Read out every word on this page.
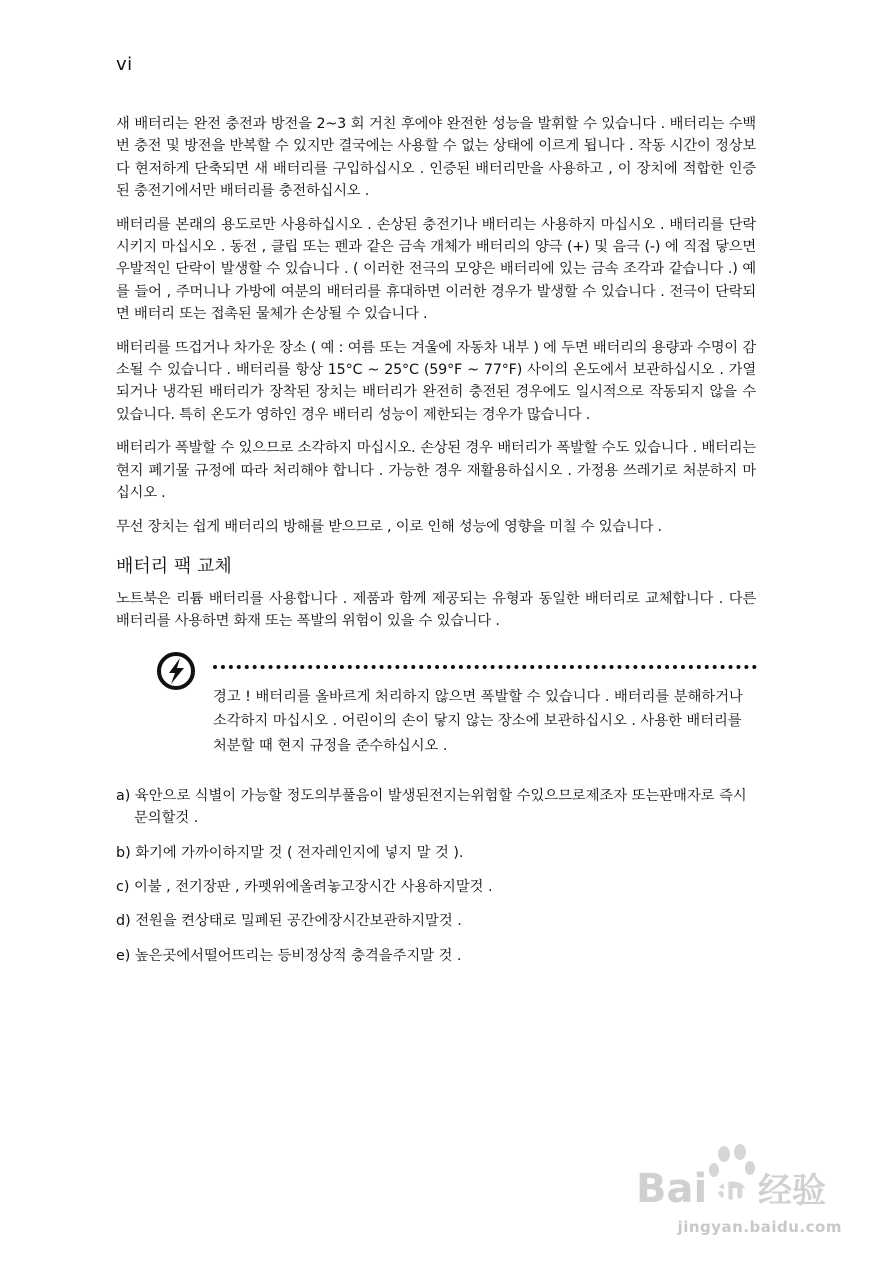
vi

새 배터리는 완전 충전과 방전을 2~3 회 거친 후에야 완전한 성능을 발휘할 수 있습니다 . 배터리는 수백 번 충전 및 방전을 반복할 수 있지만 결국에는 사용할 수 없는 상태에 이르게 됩니다 . 작동 시간이 정상보다 현저하게 단축되면 새 배터리를 구입하십시오 . 인증된 배터리만을 사용하고 , 이 장치에 적합한 인증된 충전기에서만 배터리를 충전하십시오 .

배터리를 본래의 용도로만 사용하십시오 . 손상된 충전기나 배터리는 사용하지 마십시오 . 배터리를 단락시키지 마십시오 . 동전 , 클립 또는 펜과 같은 금속 개체가 배터리의 양극 (+) 및 음극 (-) 에 직접 닿으면 우발적인 단락이 발생할 수 있습니다 . ( 이러한 전극의 모양은 배터리에 있는 금속 조각과 같습니다 .) 예를 들어 , 주머니나 가방에 여분의 배터리를 휴대하면 이러한 경우가 발생할 수 있습니다 . 전극이 단락되면 배터리 또는 접촉된 물체가 손상될 수 있습니다 .

배터리를 뜨겁거나 차가운 장소 ( 예 : 여름 또는 겨울에 자동차 내부 ) 에 두면 배터리의 용량과 수명이 감소될 수 있습니다 . 배터리를 항상 15°C ~ 25°C (59°F ~ 77°F) 사이의 온도에서 보관하십시오 . 가열되거나 냉각된 배터리가 장착된 장치는 배터리가 완전히 충전된 경우에도 일시적으로 작동되지 않을 수 있습니다. 특히 온도가 영하인 경우 배터리 성능이 제한되는 경우가 많습니다 .

배터리가 폭발할 수 있으므로 소각하지 마십시오. 손상된 경우 배터리가 폭발할 수도 있습니다 . 배터리는 현지 폐기물 규정에 따라 처리해야 합니다 . 가능한 경우 재활용하십시오 . 가정용 쓰레기로 처분하지 마십시오 .

무선 장치는 쉽게 배터리의 방해를 받으므로 , 이로 인해 성능에 영향을 미칠 수 있습니다 .

배터리 팩 교체

노트북은 리튬 배터리를 사용합니다 . 제품과 함께 제공되는 유형과 동일한 배터리로 교체합니다 . 다른 배터리를 사용하면 화재 또는 폭발의 위험이 있을 수 있습니다 .

경고 ! 배터리를 올바르게 처리하지 않으면 폭발할 수 있습니다 . 배터리를 분해하거나 소각하지 마십시오 . 어린이의 손이 닿지 않는 장소에 보관하십시오 . 사용한 배터리를 처분할 때 현지 규정을 준수하십시오 .
a) 육안으로 식별이 가능할 정도의부풀음이 발생된전지는위험할 수있으므로제조자 또는판매자로 즉시 문의할것 .
b) 화기에 가까이하지말 것 ( 전자레인지에 넣지 말 것 ).
c) 이불 , 전기장판 , 카펫위에올려놓고장시간 사용하지말것 .
d) 전원을 켠상태로 밀폐된 공간에장시간보관하지말것 .
e) 높은곳에서떨어뜨리는 등비정상적 충격을주지말 것 .
Bai du 经验
jingyan.baidu.com
